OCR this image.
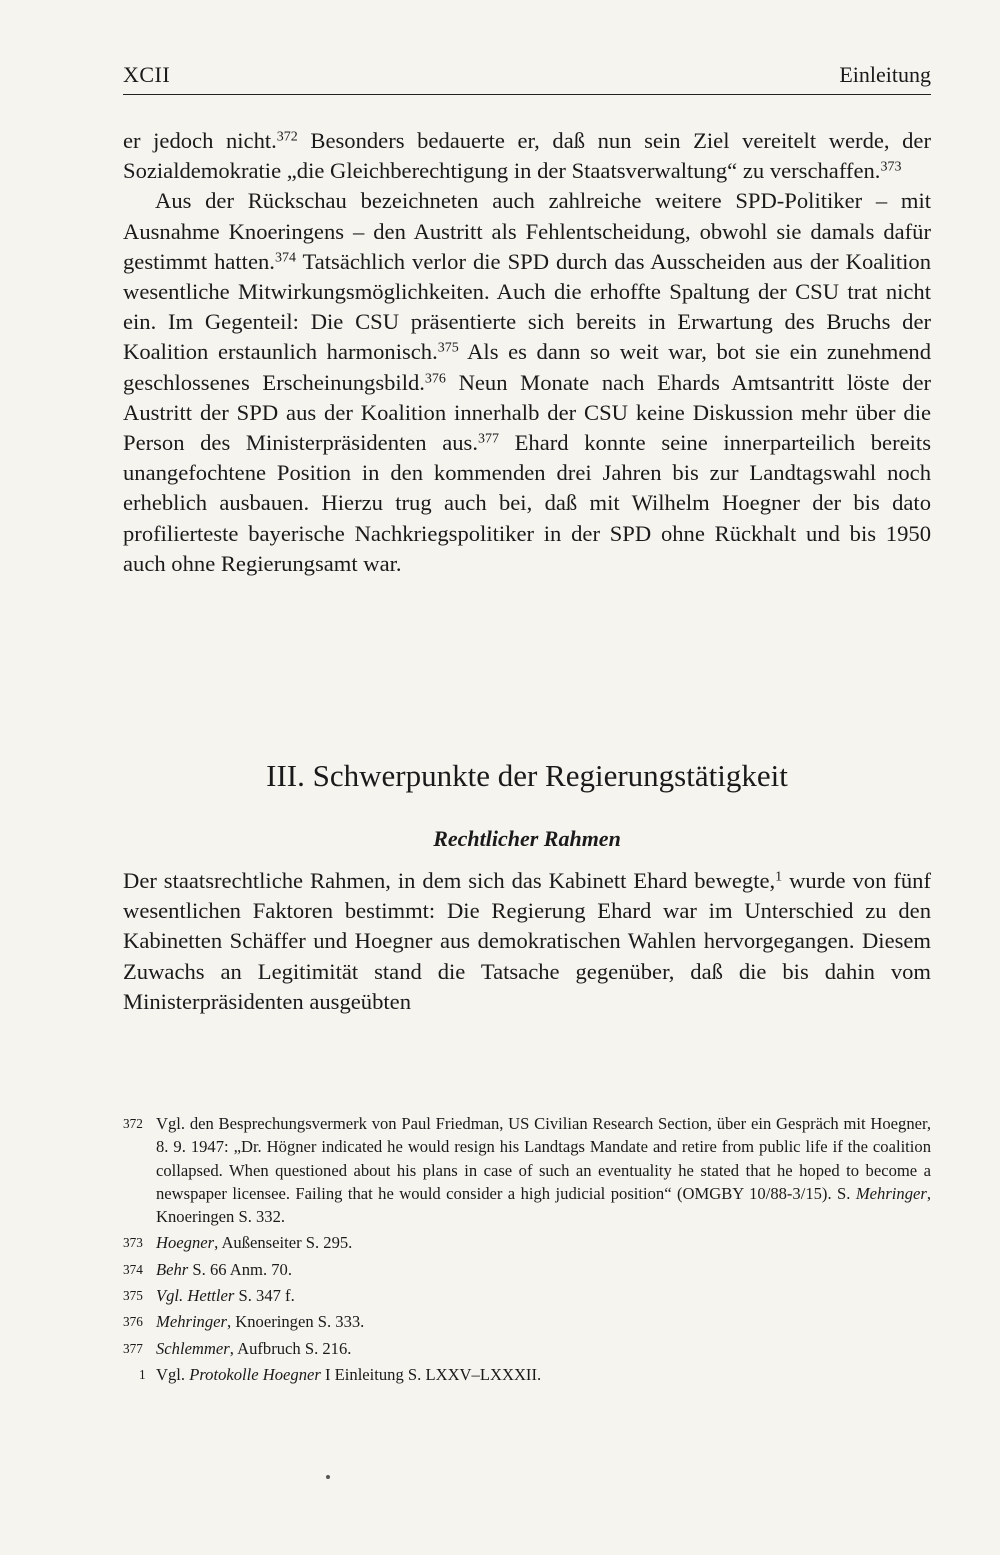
XCII	Einleitung

er jedoch nicht.$^{372}$ Besonders bedauerte er, daß nun sein Ziel vereitelt werde, der Sozialdemokratie „die Gleichberechtigung in der Staatsverwaltung“ zu verschaffen.$^{373}$

Aus der Rückschau bezeichneten auch zahlreiche weitere SPD-Politiker – mit Ausnahme Knoeringens – den Austritt als Fehlentscheidung, obwohl sie damals dafür gestimmt hatten.$^{374}$ Tatsächlich verlor die SPD durch das Ausscheiden aus der Koalition wesentliche Mitwirkungsmöglichkeiten. Auch die erhoffte Spaltung der CSU trat nicht ein. Im Gegenteil: Die CSU präsentierte sich bereits in Erwartung des Bruchs der Koalition erstaunlich harmonisch.$^{375}$ Als es dann so weit war, bot sie ein zunehmend geschlossenes Erscheinungsbild.$^{376}$ Neun Monate nach Ehards Amtsantritt löste der Austritt der SPD aus der Koalition innerhalb der CSU keine Diskussion mehr über die Person des Ministerpräsidenten aus.$^{377}$ Ehard konnte seine innerparteilich bereits unangefochtene Position in den kommenden drei Jahren bis zur Landtagswahl noch erheblich ausbauen. Hierzu trug auch bei, daß mit Wilhelm Hoegner der bis dato profilierteste bayerische Nachkriegspolitiker in der SPD ohne Rückhalt und bis 1950 auch ohne Regierungsamt war.

III. Schwerpunkte der Regierungstätigkeit
Rechtlicher Rahmen

Der staatsrechtliche Rahmen, in dem sich das Kabinett Ehard bewegte,$^1$ wurde von fünf wesentlichen Faktoren bestimmt: Die Regierung Ehard war im Unterschied zu den Kabinetten Schäffer und Hoegner aus demokratischen Wahlen hervorgegangen. Diesem Zuwachs an Legitimität stand die Tatsache gegenüber, daß die bis dahin vom Ministerpräsidenten ausgeübten

372 Vgl. den Besprechungsvermerk von Paul Friedman, US Civilian Research Section, über ein Gespräch mit Hoegner, 8. 9. 1947: „Dr. Högner indicated he would resign his Landtags Mandate and retire from public life if the coalition collapsed. When questioned about his plans in case of such an eventuality he stated that he hoped to become a newspaper licensee. Failing that he would consider a high judicial position“ (OMGBY 10/88-3/15). S. Mehringer, Knoeringen S. 332.

373 Hoegner, Außenseiter S. 295.

374 Behr S. 66 Anm. 70.

375 Vgl. Hettler S. 347 f.

376 Mehringer, Knoeringen S. 333.

377 Schlemmer, Aufbruch S. 216.

1 Vgl. Protokolle Hoegner I Einleitung S. LXXV–LXXXII.
